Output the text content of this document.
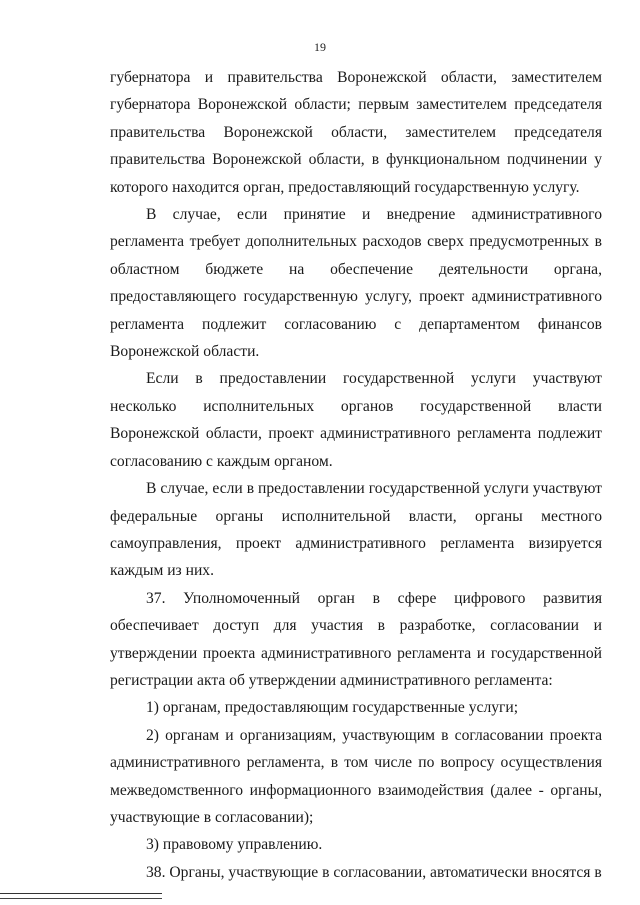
19

губернатора и правительства Воронежской области, заместителем губернатора Воронежской области; первым заместителем председателя правительства Воронежской области, заместителем председателя правительства Воронежской области, в функциональном подчинении у которого находится орган, предоставляющий государственную услугу.

В случае, если принятие и внедрение административного регламента требует дополнительных расходов сверх предусмотренных в областном бюджете на обеспечение деятельности органа, предоставляющего государственную услугу, проект административного регламента подлежит согласованию с департаментом финансов Воронежской области.

Если в предоставлении государственной услуги участвуют несколько исполнительных органов государственной власти Воронежской области, проект административного регламента подлежит согласованию с каждым органом.

В случае, если в предоставлении государственной услуги участвуют федеральные органы исполнительной власти, органы местного самоуправления, проект административного регламента визируется каждым из них.

37. Уполномоченный орган в сфере цифрового развития обеспечивает доступ для участия в разработке, согласовании и утверждении проекта административного регламента и государственной регистрации акта об утверждении административного регламента:

1) органам, предоставляющим государственные услуги;

2) органам и организациям, участвующим в согласовании проекта административного регламента, в том числе по вопросу осуществления межведомственного информационного взаимодействия (далее - органы, участвующие в согласовании);

3) правовому управлению.

38. Органы, участвующие в согласовании, автоматически вносятся в
